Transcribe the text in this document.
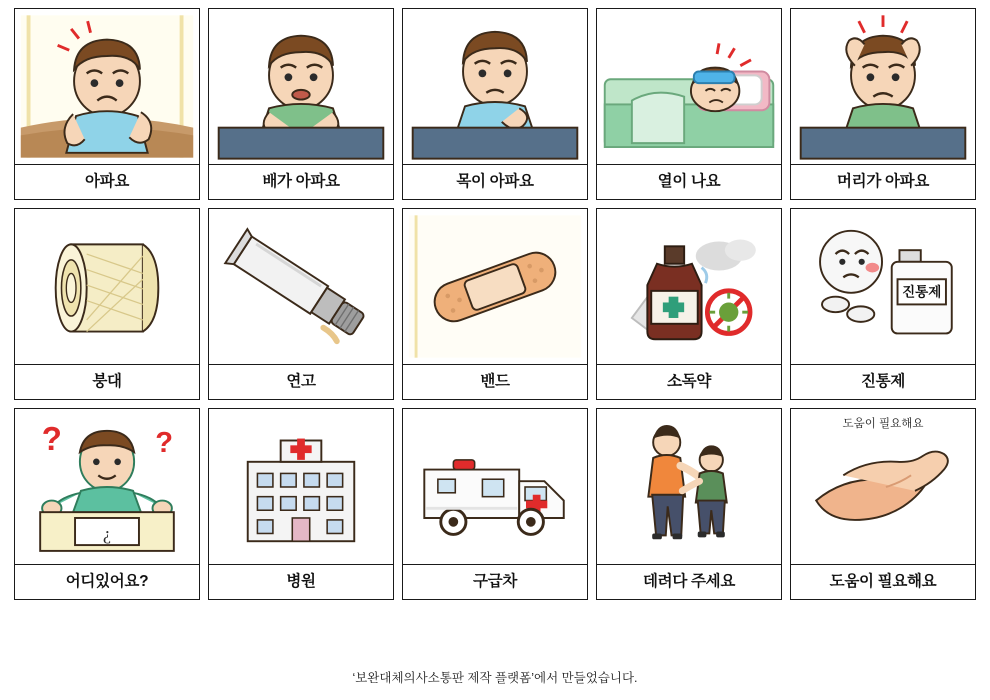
아파요	배가 아파요	목이 아파요	열이 나요	머리가 아파요
붕대	연고	밴드	소독약
진통제
진통제
?	?
¿
어디있어요?	병원	구급차	데려다 주세요
도움이 필요해요
도움이 필요해요
‘보완대체의사소통판 제작 플랫폼’에서 만들었습니다.
